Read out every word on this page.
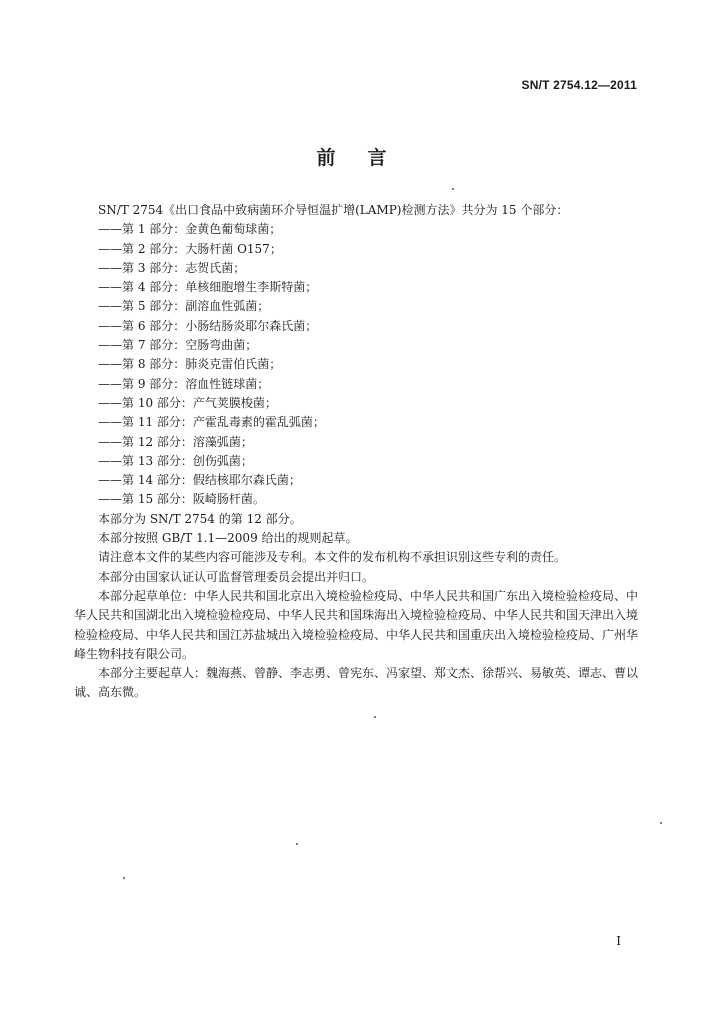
SN/T 2754.12—2011
前言
SN/T 2754《出口食品中致病菌环介导恒温扩增(LAMP)检测方法》共分为 15 个部分：
——第 1 部分：金黄色葡萄球菌；
——第 2 部分：大肠杆菌 O157；
——第 3 部分：志贺氏菌；
——第 4 部分：单核细胞增生李斯特菌；
——第 5 部分：副溶血性弧菌；
——第 6 部分：小肠结肠炎耶尔森氏菌；
——第 7 部分：空肠弯曲菌；
——第 8 部分：肺炎克雷伯氏菌；
——第 9 部分：溶血性链球菌；
——第 10 部分：产气荚膜梭菌；
——第 11 部分：产霍乱毒素的霍乱弧菌；
——第 12 部分：溶藻弧菌；
——第 13 部分：创伤弧菌；
——第 14 部分：假结核耶尔森氏菌；
——第 15 部分：阪崎肠杆菌。
本部分为 SN/T 2754 的第 12 部分。
本部分按照 GB/T 1.1—2009 给出的规则起草。
请注意本文件的某些内容可能涉及专利。本文件的发布机构不承担识别这些专利的责任。
本部分由国家认证认可监督管理委员会提出并归口。
本部分起草单位：中华人民共和国北京出入境检验检疫局、中华人民共和国广东出入境检验检疫局、中华人民共和国湖北出入境检验检疫局、中华人民共和国珠海出入境检验检疫局、中华人民共和国天津出入境检验检疫局、中华人民共和国江苏盐城出入境检验检疫局、中华人民共和国重庆出入境检验检疫局、广州华峰生物科技有限公司。
本部分主要起草人：魏海燕、曾静、李志勇、曾宪东、冯家望、郑文杰、徐帮兴、易敏英、谭志、曹以诚、高东微。
I
